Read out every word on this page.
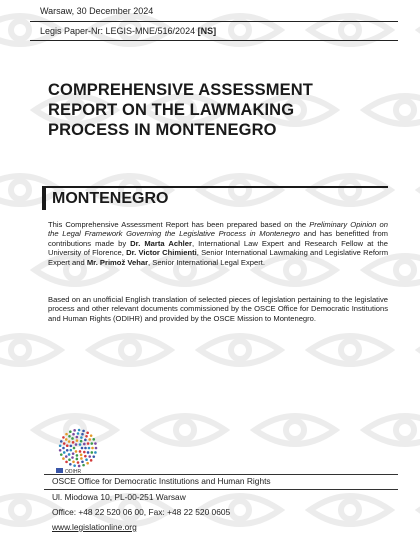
Warsaw, 30 December 2024
Legis Paper-Nr: LEGIS-MNE/516/2024 [NS]
COMPREHENSIVE ASSESSMENT
REPORT ON THE LAWMAKING
PROCESS IN MONTENEGRO
MONTENEGRO
This Comprehensive Assessment Report has been prepared based on the Preliminary Opinion on the Legal Framework Governing the Legislative Process in Montenegro and has benefitted from contributions made by Dr. Marta Achler, International Law Expert and Research Fellow at the University of Florence, Dr. Victor Chimienti, Senior International Lawmaking and Legislative Reform Expert and Mr. Primož Vehar, Senior International Legal Expert.
Based on an unofficial English translation of selected pieces of legislation pertaining to the legislative process and other relevant documents commissioned by the OSCE Office for Democratic Institutions and Human Rights (ODIHR) and provided by the OSCE Mission to Montenegro.
ODIHR
OSCE Office for Democratic Institutions and Human Rights
Ul. Miodowa 10, PL-00-251 Warsaw
Office: +48 22 520 06 00, Fax: +48 22 520 0605
www.legislationline.org
